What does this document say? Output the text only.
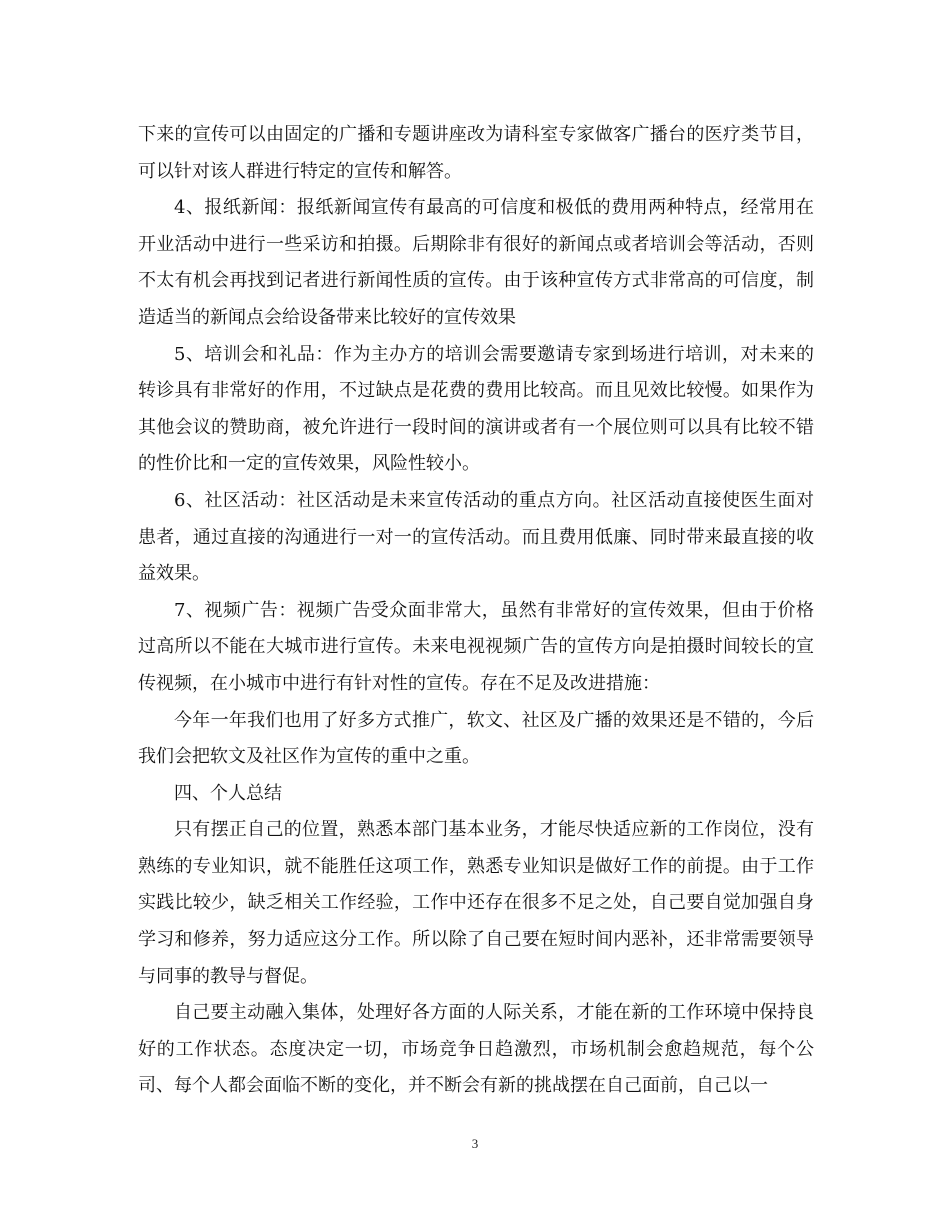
下来的宣传可以由固定的广播和专题讲座改为请科室专家做客广播台的医疗类节目，可以针对该人群进行特定的宣传和解答。

4、报纸新闻：报纸新闻宣传有最高的可信度和极低的费用两种特点，经常用在开业活动中进行一些采访和拍摄。后期除非有很好的新闻点或者培训会等活动，否则不太有机会再找到记者进行新闻性质的宣传。由于该种宣传方式非常高的可信度，制造适当的新闻点会给设备带来比较好的宣传效果

5、培训会和礼品：作为主办方的培训会需要邀请专家到场进行培训，对未来的转诊具有非常好的作用，不过缺点是花费的费用比较高。而且见效比较慢。如果作为其他会议的赞助商，被允许进行一段时间的演讲或者有一个展位则可以具有比较不错的性价比和一定的宣传效果，风险性较小。

6、社区活动：社区活动是未来宣传活动的重点方向。社区活动直接使医生面对患者，通过直接的沟通进行一对一的宣传活动。而且费用低廉、同时带来最直接的收益效果。

7、视频广告：视频广告受众面非常大，虽然有非常好的宣传效果，但由于价格过高所以不能在大城市进行宣传。未来电视视频广告的宣传方向是拍摄时间较长的宣传视频，在小城市中进行有针对性的宣传。存在不足及改进措施：

今年一年我们也用了好多方式推广，软文、社区及广播的效果还是不错的，今后我们会把软文及社区作为宣传的重中之重。

四、个人总结

只有摆正自己的位置，熟悉本部门基本业务，才能尽快适应新的工作岗位，没有熟练的专业知识，就不能胜任这项工作，熟悉专业知识是做好工作的前提。由于工作实践比较少，缺乏相关工作经验，工作中还存在很多不足之处，自己要自觉加强自身学习和修养，努力适应这分工作。所以除了自己要在短时间内恶补，还非常需要领导与同事的教导与督促。

自己要主动融入集体，处理好各方面的人际关系，才能在新的工作环境中保持良好的工作状态。态度决定一切，市场竞争日趋激烈，市场机制会愈趋规范，每个公司、每个人都会面临不断的变化，并不断会有新的挑战摆在自己面前，自己以一

3
